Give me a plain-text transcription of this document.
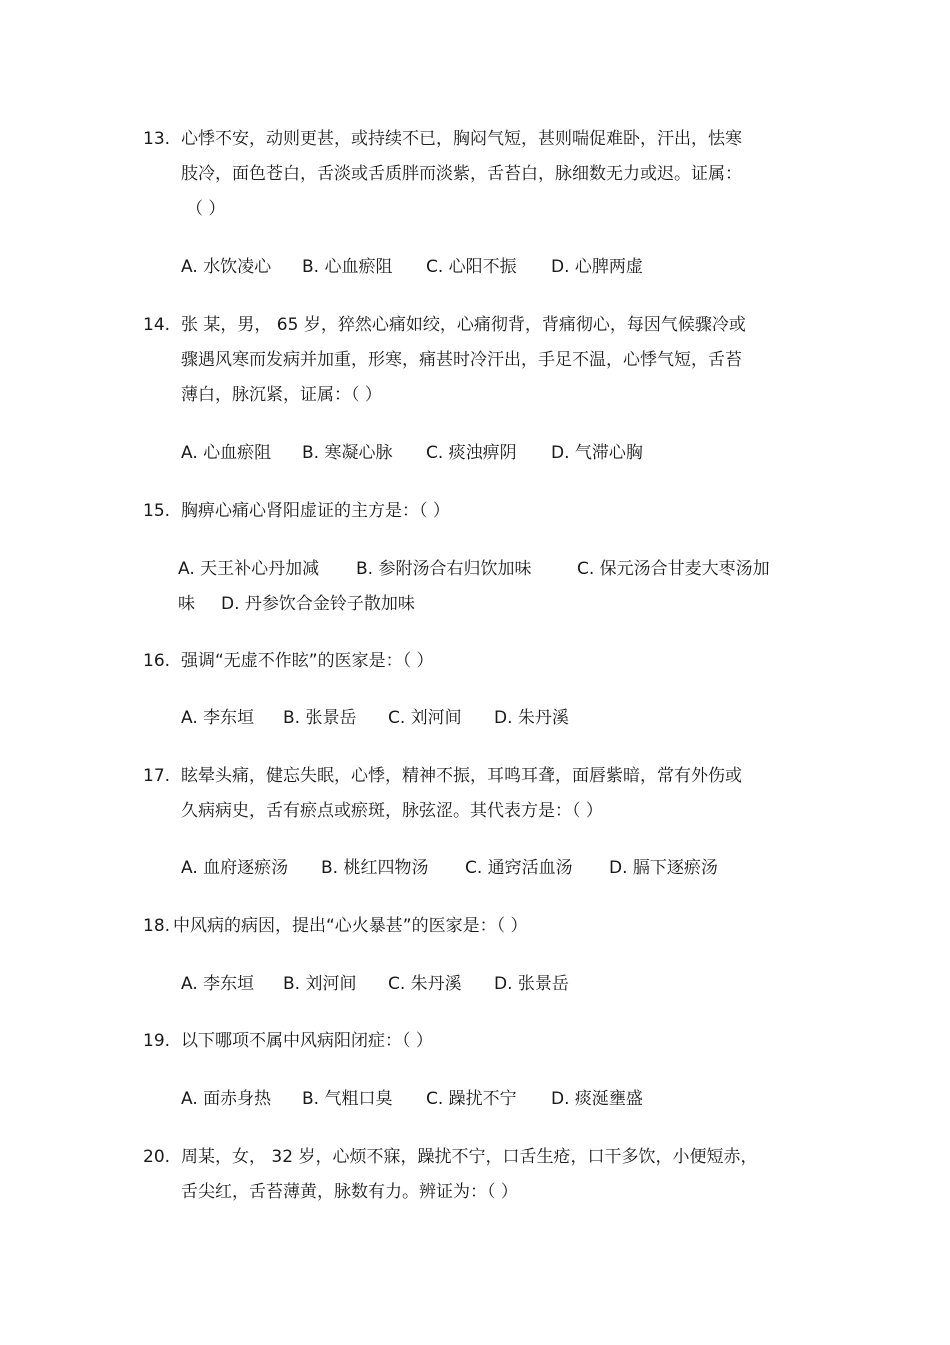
13. 心悸不安，动则更甚，或持续不已，胸闷气短，甚则喘促难卧，汗出，怯寒
肢冷，面色苍白，舌淡或舌质胖而淡紫，舌苔白，脉细数无力或迟。证属：
（ ）
A. 水饮凌心 B. 心血瘀阻 C. 心阳不振 D. 心脾两虚
14. 张 某，男， 65 岁，猝然心痛如绞，心痛彻背，背痛彻心，每因气候骤冷或
骤遇风寒而发病并加重，形寒，痛甚时冷汗出，手足不温，心悸气短，舌苔
薄白，脉沉紧，证属：（ ）
A. 心血瘀阻 B. 寒凝心脉 C. 痰浊痹阴 D. 气滞心胸
15. 胸痹心痛心肾阳虚证的主方是：（ ）
A. 天王补心丹加减 B. 参附汤合右归饮加味	C. 保元汤合甘麦大枣汤加
味 D. 丹参饮合金铃子散加味
16. 强调“无虚不作眩”的医家是：（ ）
A. 李东垣 B. 张景岳 C. 刘河间 D. 朱丹溪
17. 眩晕头痛，健忘失眠，心悸，精神不振，耳鸣耳聋，面唇紫暗，常有外伤或
久病病史，舌有瘀点或瘀斑，脉弦涩。其代表方是：（ ）
A. 血府逐瘀汤 B. 桃红四物汤 C. 通窍活血汤 D. 膈下逐瘀汤
18. 中风病的病因，提出“心火暴甚”的医家是：（ ）
A. 李东垣 B. 刘河间 C. 朱丹溪 D. 张景岳
19. 以下哪项不属中风病阳闭症：（ ）
A. 面赤身热 B. 气粗口臭 C. 躁扰不宁 D. 痰涎壅盛
20. 周某，女， 32 岁，心烦不寐，躁扰不宁，口舌生疮，口干多饮，小便短赤，
舌尖红，舌苔薄黄，脉数有力。辨证为：（ ）
